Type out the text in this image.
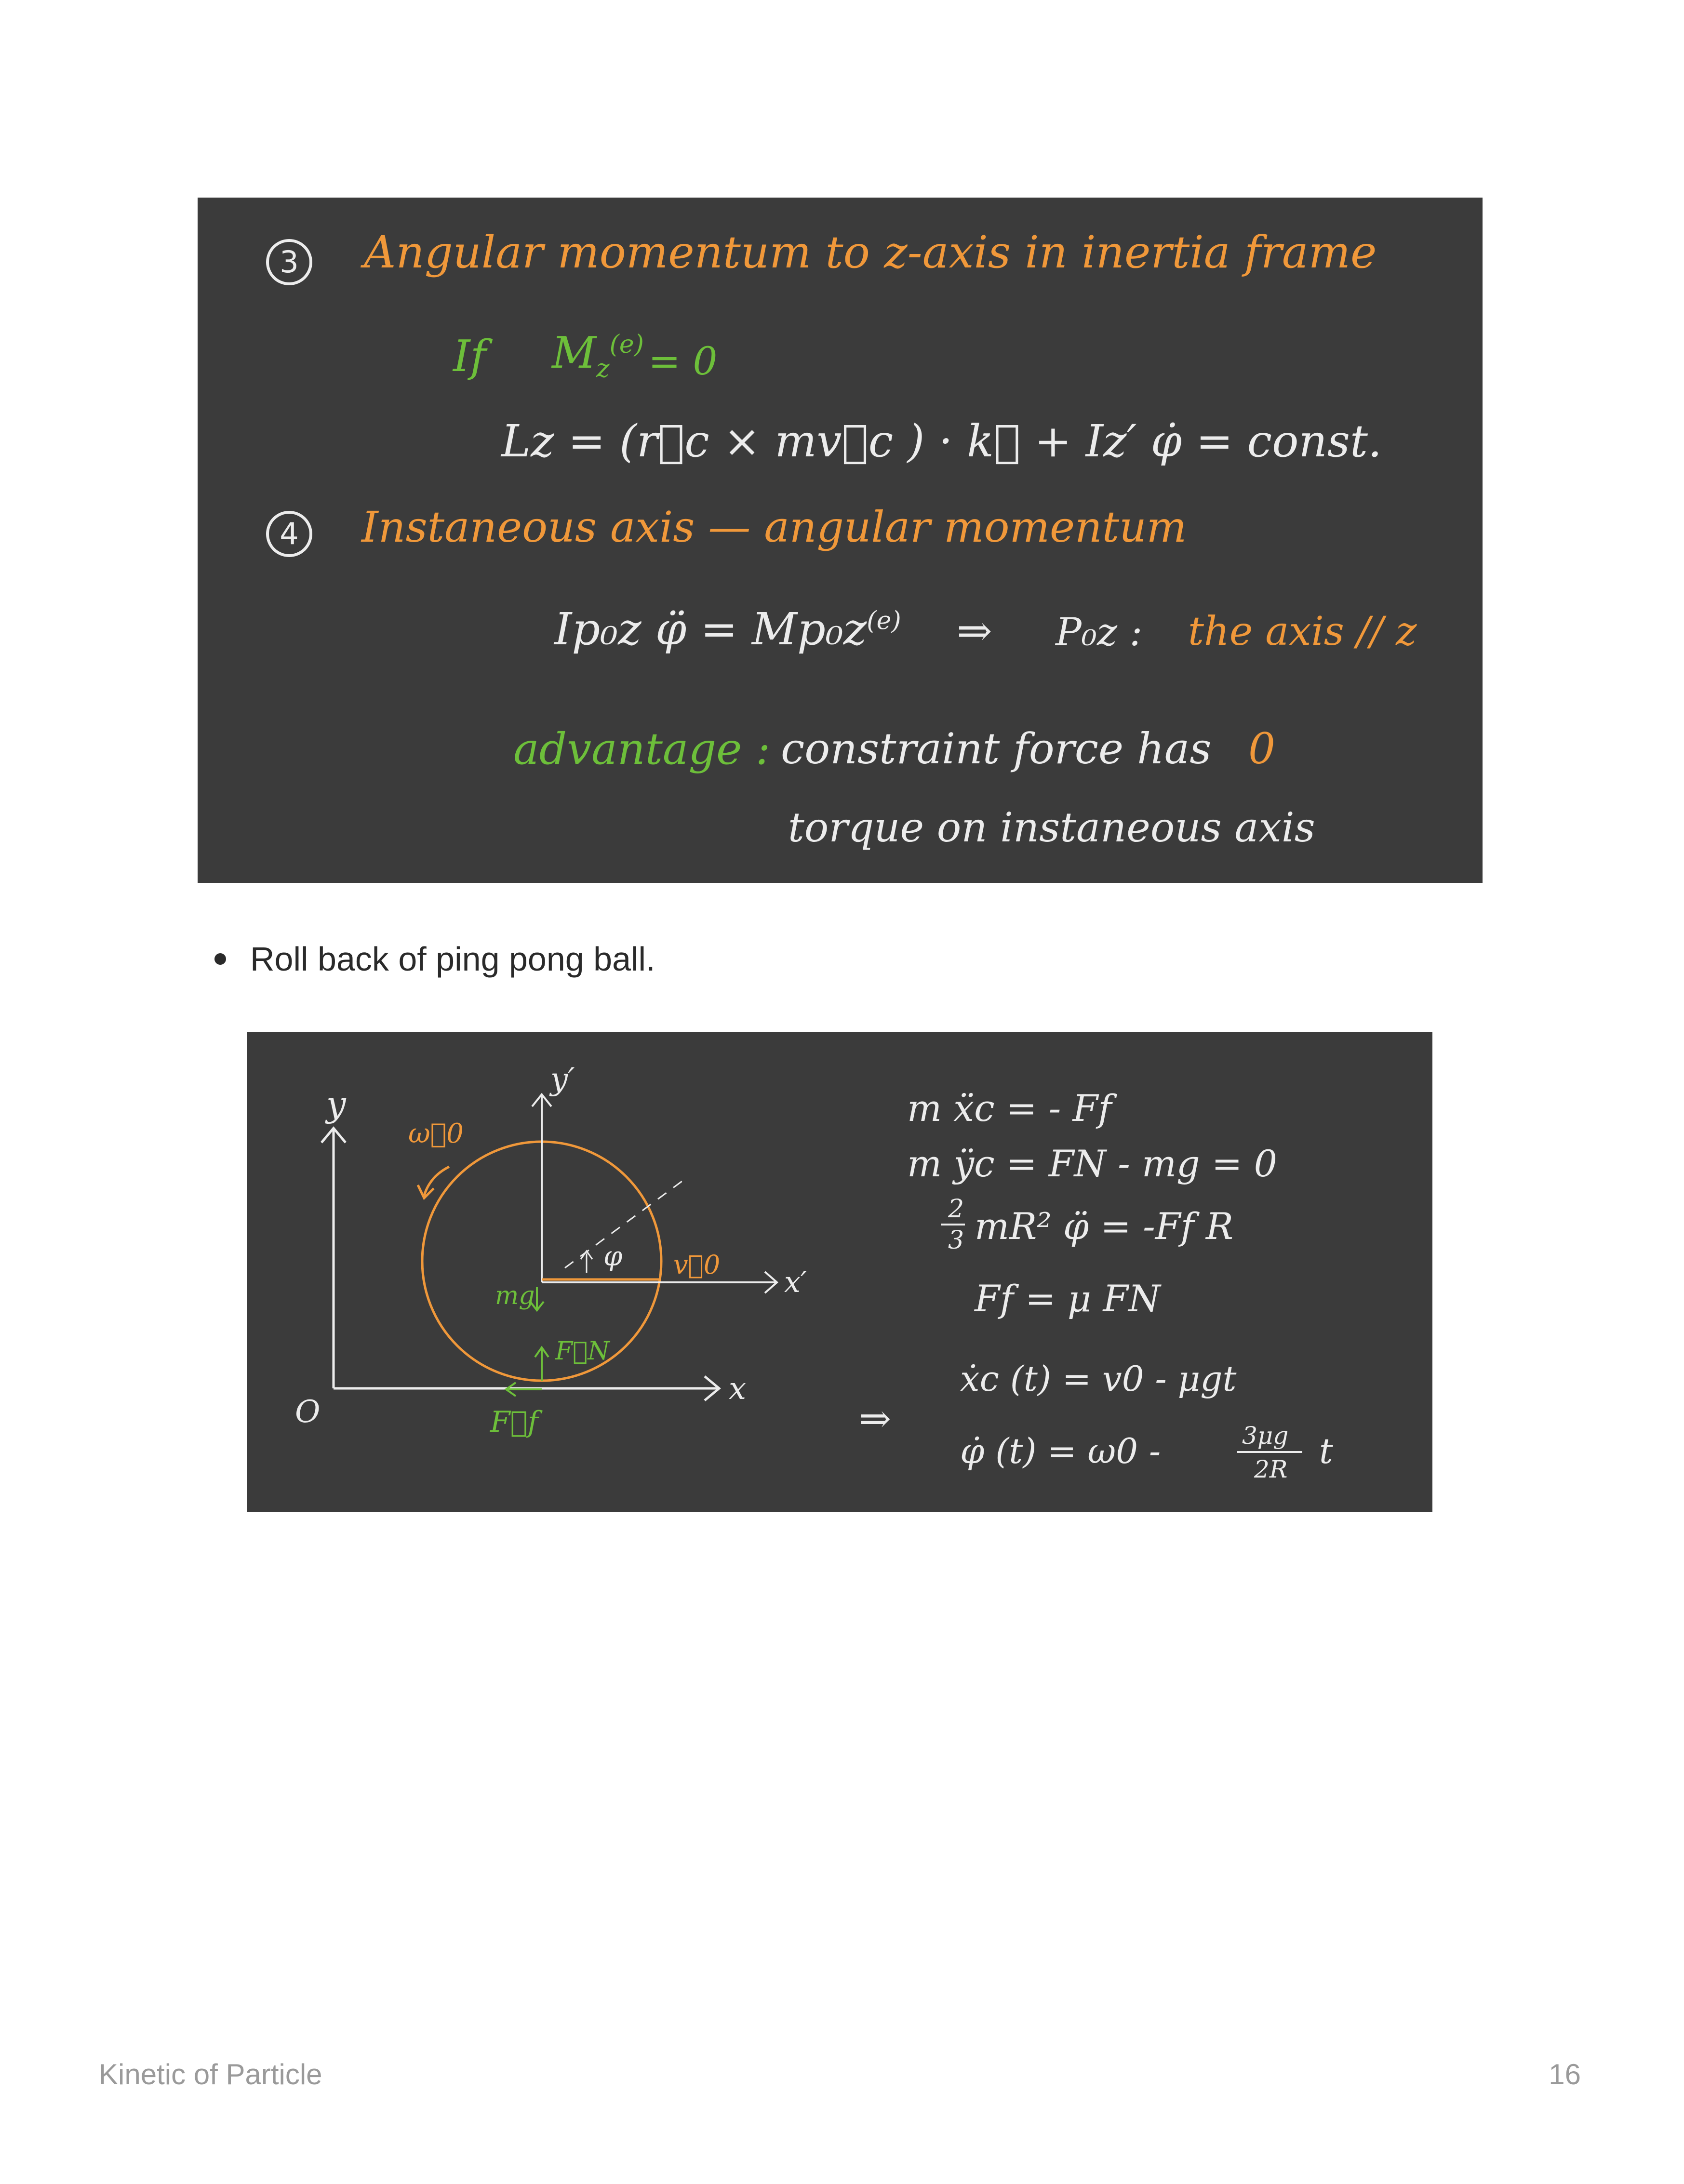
3	Angular momentum to z-axis in inertia frame
If $M_z^{(e)} = 0$
Lz = (r⃗c × mv⃗c ) · k⃗ + Iz′ φ̇ = const.
4	Instaneous axis — angular momentum
Ip₀z φ̈ = $Mp_0z^{(e)}$ ⇒ P₀z : the axis // z
advantage : constraint force has 0
torque on instaneous axis
Roll back of ping pong ball.
y
y′
x
x′
O
ω⃗0
φ v⃗0
mg
F⃗N
F⃗f
m ẍc = - Ff
m ÿc = FN - mg = 0
2
3 mR² φ̈ = -Ff R
Ff = μ FN
⇒
ẋc (t) = v0 - μgt
φ̇ (t) = ω0 -	3μg
2R t
Kinetic of Particle	16
